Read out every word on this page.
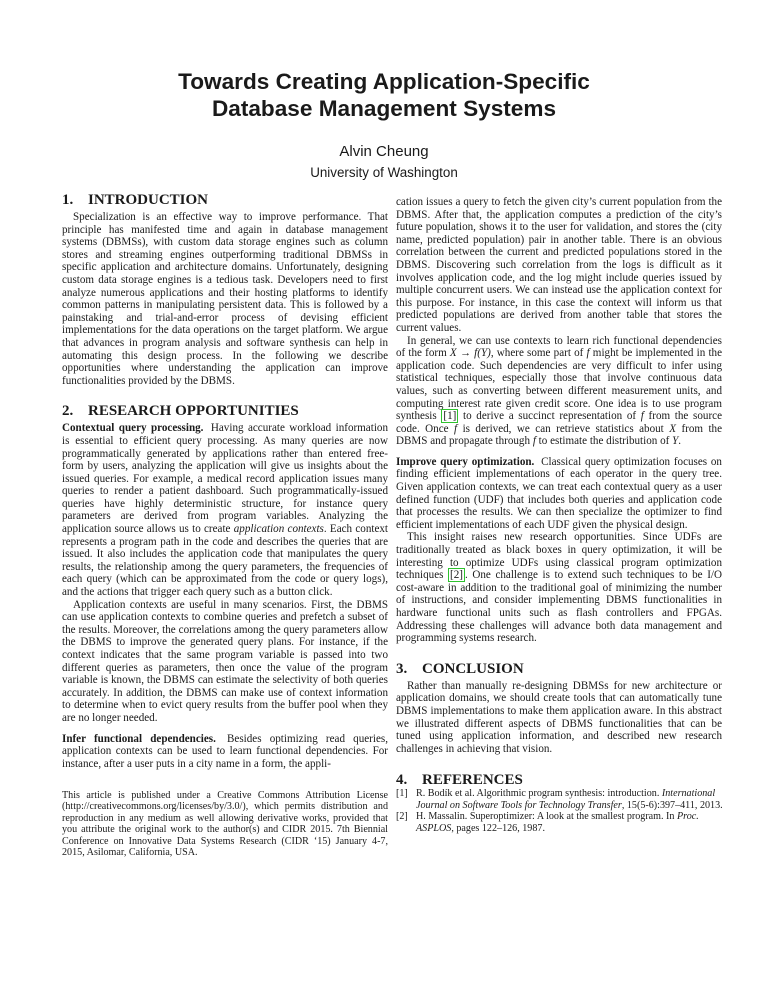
Towards Creating Application-Specific
Database Management Systems
Alvin Cheung
University of Washington
1. INTRODUCTION

Specialization is an effective way to improve performance. That principle has manifested time and again in database management systems (DBMSs), with custom data storage engines such as column stores and streaming engines outperforming traditional DBMSs in specific application and architecture domains. Unfortunately, designing custom data storage engines is a tedious task. Developers need to first analyze numerous applications and their hosting platforms to identify common patterns in manipulating persistent data. This is followed by a painstaking and trial-and-error process of devising efficient implementations for the data operations on the target platform. We argue that advances in program analysis and software synthesis can help in automating this design process. In the following we describe opportunities where understanding the application can improve functionalities provided by the DBMS.

2. RESEARCH OPPORTUNITIES

Contextual query processing. Having accurate workload information is essential to efficient query processing. As many queries are now programmatically generated by applications rather than entered free-form by users, analyzing the application will give us insights about the issued queries. For example, a medical record application issues many queries to render a patient dashboard. Such programmatically-issued queries have highly deterministic structure, for instance query parameters are derived from program variables. Analyzing the application source allows us to create application contexts. Each context represents a program path in the code and describes the queries that are issued. It also includes the application code that manipulates the query results, the relationship among the query parameters, the frequencies of each query (which can be approximated from the code or query logs), and the actions that trigger each query such as a button click.

Application contexts are useful in many scenarios. First, the DBMS can use application contexts to combine queries and prefetch a subset of the results. Moreover, the correlations among the query parameters allow the DBMS to improve the generated query plans. For instance, if the context indicates that the same program variable is passed into two different queries as parameters, then once the value of the program variable is known, the DBMS can estimate the selectivity of both queries accurately. In addition, the DBMS can make use of context information to determine when to evict query results from the buffer pool when they are no longer needed.

Infer functional dependencies. Besides optimizing read queries, application contexts can be used to learn functional dependencies. For instance, after a user puts in a city name in a form, the appli-

This article is published under a Creative Commons Attribution License (http://creativecommons.org/licenses/by/3.0/), which permits distribution and reproduction in any medium as well allowing derivative works, provided that you attribute the original work to the author(s) and CIDR 2015. 7th Biennial Conference on Innovative Data Systems Research (CIDR ‘15) January 4-7, 2015, Asilomar, California, USA.

cation issues a query to fetch the given city’s current population from the DBMS. After that, the application computes a prediction of the city’s future population, shows it to the user for validation, and stores the (city name, predicted population) pair in another table. There is an obvious correlation between the current and predicted populations stored in the DBMS. Discovering such correlation from the logs is difficult as it involves application code, and the log might include queries issued by multiple concurrent users. We can instead use the application context for this purpose. For instance, in this case the context will inform us that predicted populations are derived from another table that stores the current values.

In general, we can use contexts to learn rich functional dependencies of the form X → f(Y), where some part of f might be implemented in the application code. Such dependencies are very difficult to infer using statistical techniques, especially those that involve continuous data values, such as converting between different measurement units, and computing interest rate given credit score. One idea is to use program synthesis [1] to derive a succinct representation of f from the source code. Once f is derived, we can retrieve statistics about X from the DBMS and propagate through f to estimate the distribution of Y.

Improve query optimization. Classical query optimization focuses on finding efficient implementations of each operator in the query tree. Given application contexts, we can treat each contextual query as a user defined function (UDF) that includes both queries and application code that processes the results. We can then specialize the optimizer to find efficient implementations of each UDF given the physical design.

This insight raises new research opportunities. Since UDFs are traditionally treated as black boxes in query optimization, it will be interesting to optimize UDFs using classical program optimization techniques [2] . One challenge is to extend such techniques to be I/O cost-aware in addition to the traditional goal of minimizing the number of instructions, and consider implementing DBMS functionalities in hardware functional units such as flash controllers and FPGAs. Addressing these challenges will advance both data management and programming systems research.

3. CONCLUSION

Rather than manually re-designing DBMSs for new architecture or application domains, we should create tools that can automatically tune DBMS implementations to make them application aware. In this abstract we illustrated different aspects of DBMS functionalities that can be tuned using application information, and described new research challenges in achieving that vision.

4. REFERENCES
[1] R. Bodík et al. Algorithmic program synthesis: introduction. International Journal on Software Tools for Technology Transfer, 15(5-6):397–411, 2013.
[2] H. Massalin. Superoptimizer: A look at the smallest program. In Proc. ASPLOS, pages 122–126, 1987.
